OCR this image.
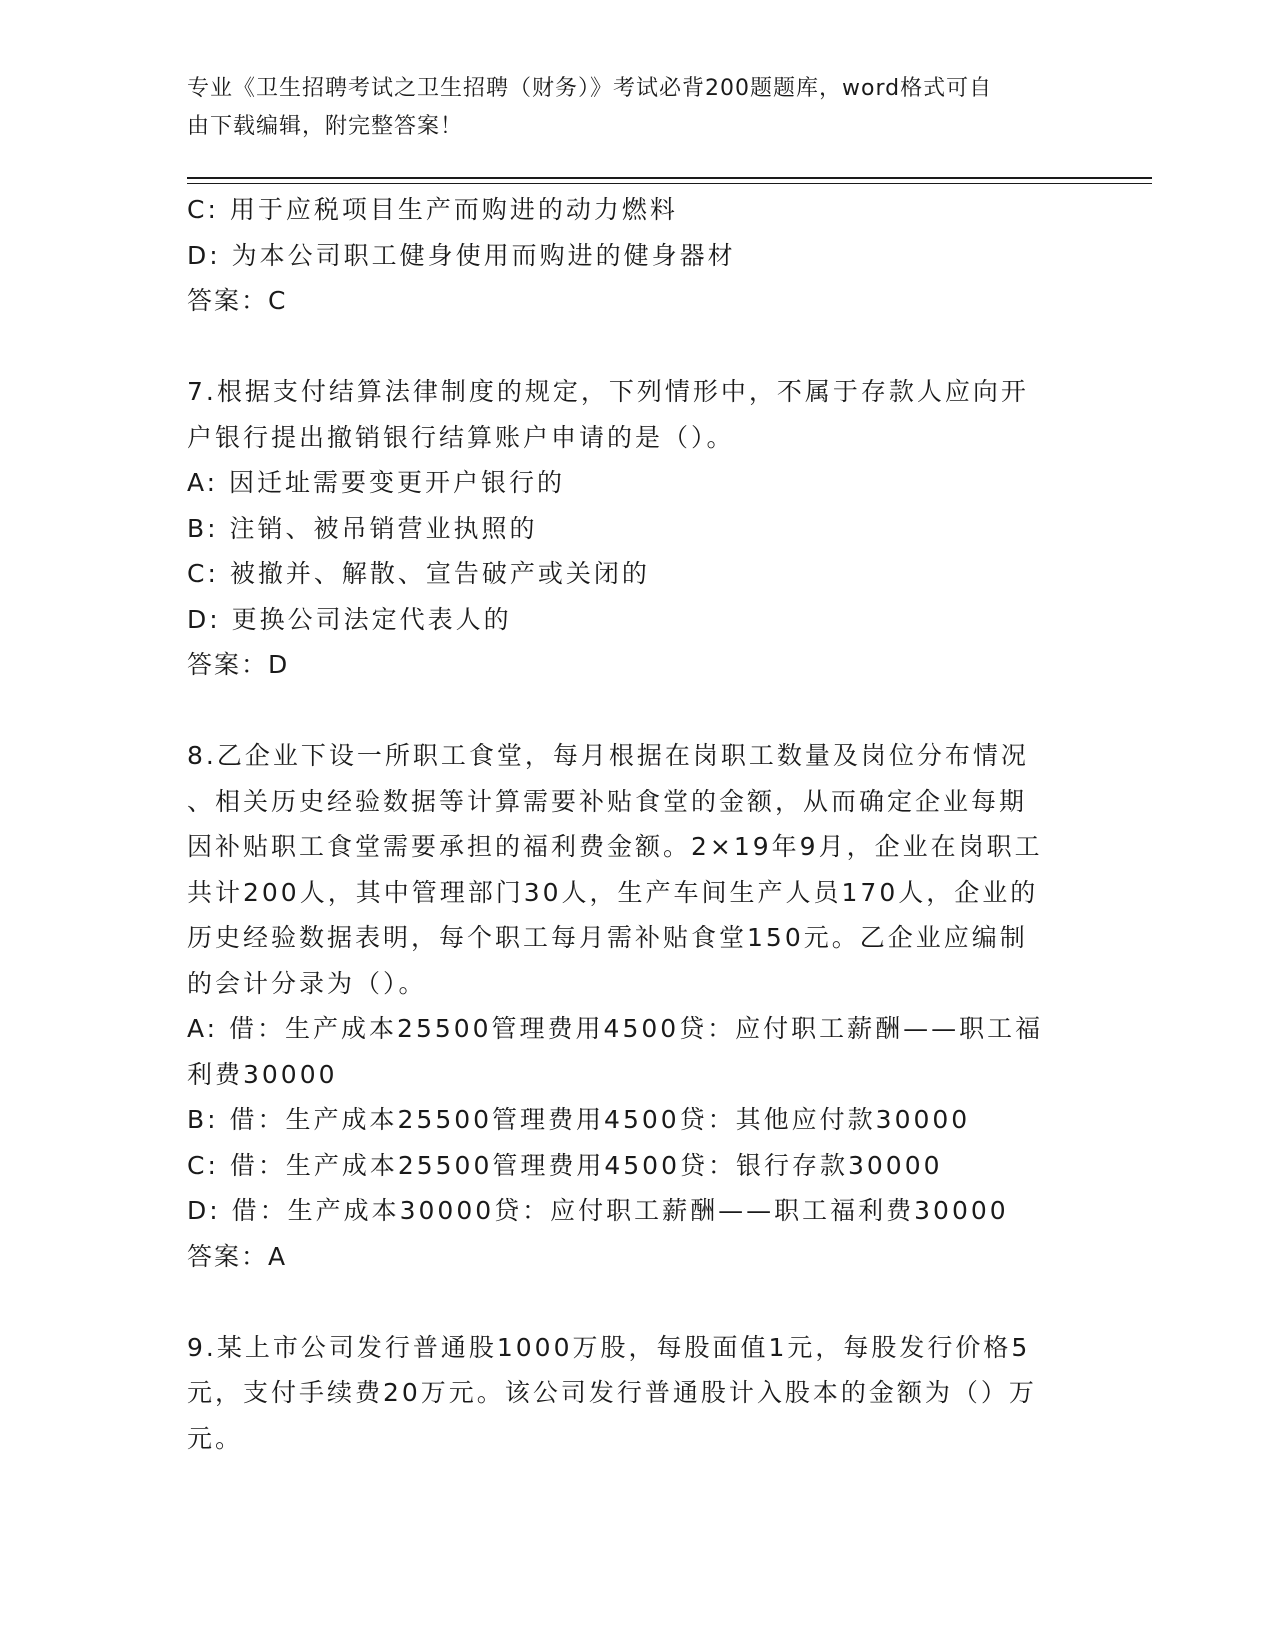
专业《卫生招聘考试之卫生招聘（财务）》考试必背200题题库，word格式可自
由下载编辑，附完整答案！
C: 用于应税项目生产而购进的动力燃料
D: 为本公司职工健身使用而购进的健身器材
答案：C
7.根据支付结算法律制度的规定，下列情形中，不属于存款人应向开
户银行提出撤销银行结算账户申请的是（）。
A: 因迁址需要变更开户银行的
B: 注销、被吊销营业执照的
C: 被撤并、解散、宣告破产或关闭的
D: 更换公司法定代表人的
答案：D
8.乙企业下设一所职工食堂，每月根据在岗职工数量及岗位分布情况
、相关历史经验数据等计算需要补贴食堂的金额，从而确定企业每期
因补贴职工食堂需要承担的福利费金额。2×19年9月，企业在岗职工
共计200人，其中管理部门30人，生产车间生产人员170人，企业的
历史经验数据表明，每个职工每月需补贴食堂150元。乙企业应编制
的会计分录为（）。
A: 借：生产成本25500管理费用4500贷：应付职工薪酬——职工福
利费30000
B: 借：生产成本25500管理费用4500贷：其他应付款30000
C: 借：生产成本25500管理费用4500贷：银行存款30000
D: 借：生产成本30000贷：应付职工薪酬——职工福利费30000
答案：A
9.某上市公司发行普通股1000万股，每股面值1元，每股发行价格5
元，支付手续费20万元。该公司发行普通股计入股本的金额为（）万
元。
